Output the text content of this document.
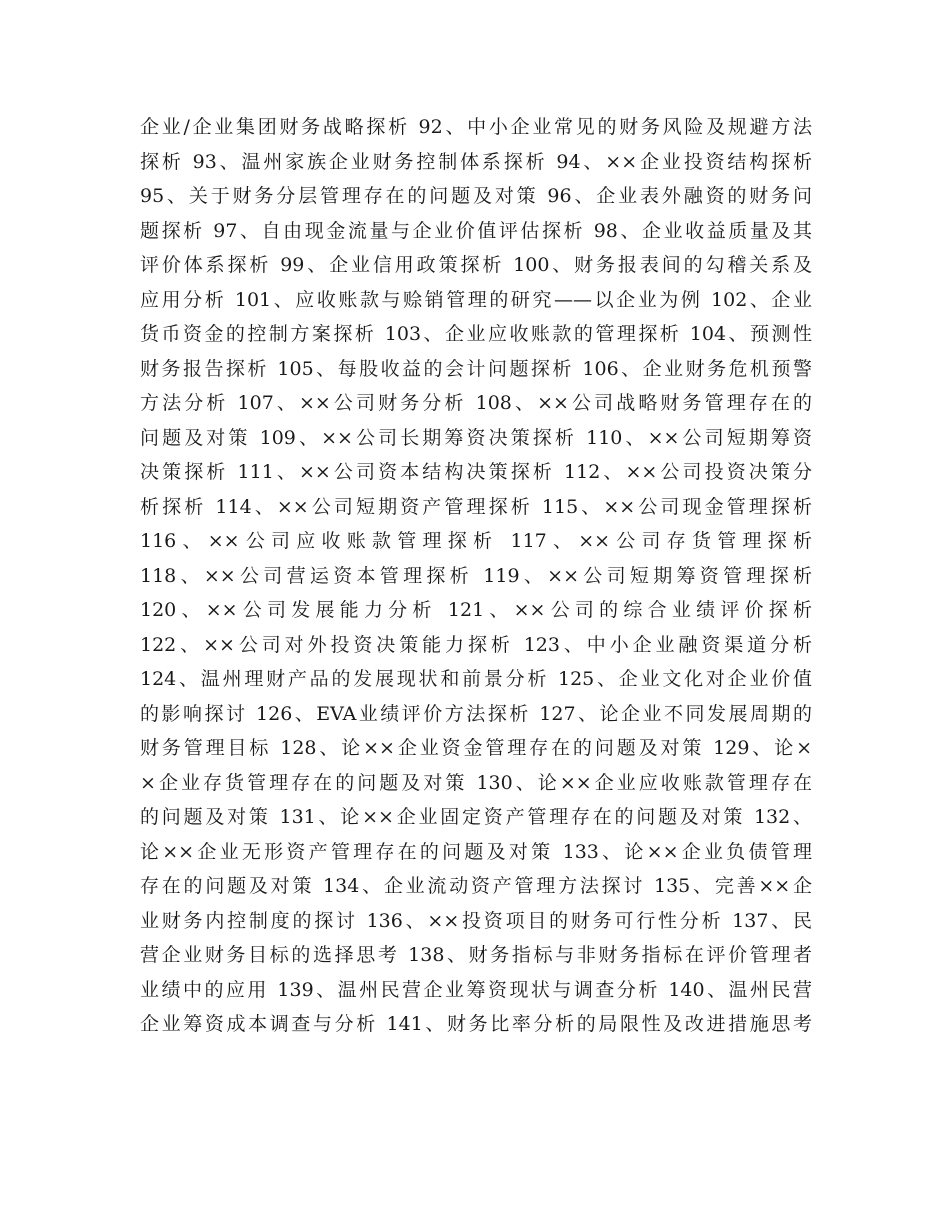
企业/企业集团财务战略探析 92、中小企业常见的财务风险及规避方法
探析 93、温州家族企业财务控制体系探析 94、××企业投资结构探析
95、关于财务分层管理存在的问题及对策 96、企业表外融资的财务问
题探析 97、自由现金流量与企业价值评估探析 98、企业收益质量及其
评价体系探析 99、企业信用政策探析 100、财务报表间的勾稽关系及
应用分析 101、应收账款与赊销管理的研究——以企业为例 102、企业
货币资金的控制方案探析 103、企业应收账款的管理探析 104、预测性
财务报告探析 105、每股收益的会计问题探析 106、企业财务危机预警
方法分析 107、××公司财务分析 108、××公司战略财务管理存在的
问题及对策 109、××公司长期筹资决策探析 110、××公司短期筹资
决策探析 111、××公司资本结构决策探析 112、××公司投资决策分
析探析 114、××公司短期资产管理探析 115、××公司现金管理探析
116、××公司应收账款管理探析 117、××公司存货管理探析
118、××公司营运资本管理探析 119、××公司短期筹资管理探析
120、××公司发展能力分析 121、××公司的综合业绩评价探析
122、××公司对外投资决策能力探析 123、中小企业融资渠道分析
124、温州理财产品的发展现状和前景分析 125、企业文化对企业价值
的影响探讨 126、EVA业绩评价方法探析 127、论企业不同发展周期的
财务管理目标 128、论××企业资金管理存在的问题及对策 129、论×
×企业存货管理存在的问题及对策 130、论××企业应收账款管理存在
的问题及对策 131、论××企业固定资产管理存在的问题及对策 132、
论××企业无形资产管理存在的问题及对策 133、论××企业负债管理
存在的问题及对策 134、企业流动资产管理方法探讨 135、完善××企
业财务内控制度的探讨 136、××投资项目的财务可行性分析 137、民
营企业财务目标的选择思考 138、财务指标与非财务指标在评价管理者
业绩中的应用 139、温州民营企业筹资现状与调查分析 140、温州民营
企业筹资成本调查与分析 141、财务比率分析的局限性及改进措施思考
